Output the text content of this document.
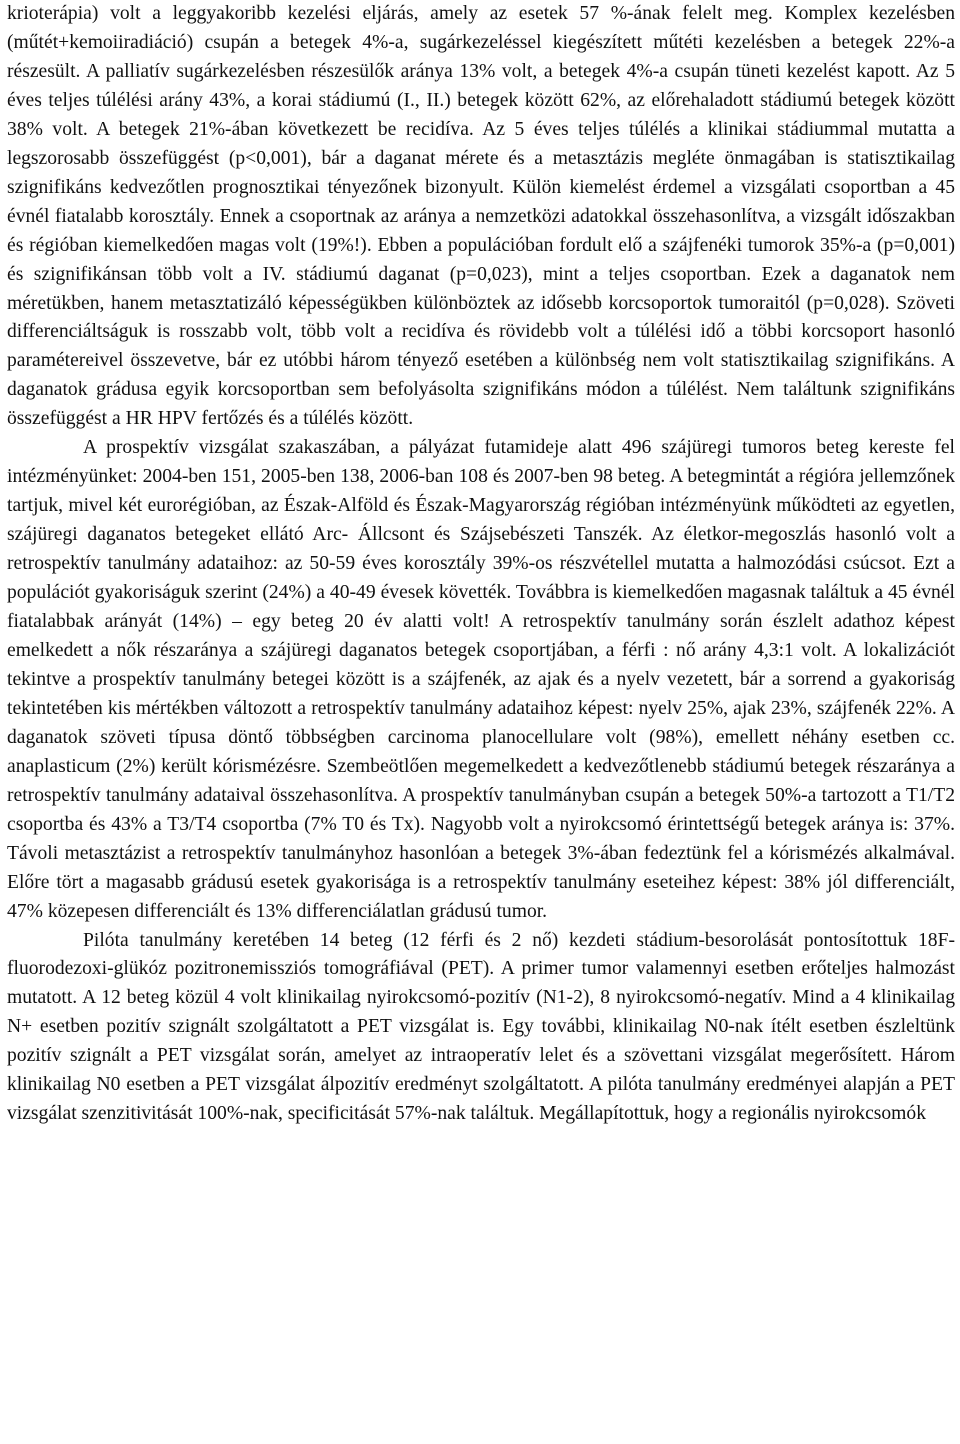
krioterápia) volt a leggyakoribb kezelési eljárás, amely az esetek 57 %-ának felelt meg. Komplex kezelésben (műtét+kemoiiradiáció) csupán a betegek 4%-a, sugárkezeléssel kiegészített műtéti kezelésben a betegek 22%-a részesült. A palliatív sugárkezelésben részesülők aránya 13% volt, a betegek 4%-a csupán tüneti kezelést kapott. Az 5 éves teljes túlélési arány 43%, a korai stádiumú (I., II.) betegek között 62%, az előrehaladott stádiumú betegek között 38% volt. A betegek 21%-ában következett be recidíva. Az 5 éves teljes túlélés a klinikai stádiummal mutatta a legszorosabb összefüggést (p<0,001), bár a daganat mérete és a metasztázis megléte önmagában is statisztikailag szignifikáns kedvezőtlen prognosztikai tényezőnek bizonyult. Külön kiemelést érdemel a vizsgálati csoportban a 45 évnél fiatalabb korosztály. Ennek a csoportnak az aránya a nemzetközi adatokkal összehasonlítva, a vizsgált időszakban és régióban kiemelkedően magas volt (19%!). Ebben a populációban fordult elő a szájfenéki tumorok 35%-a (p=0,001) és szignifikánsan több volt a IV. stádiumú daganat (p=0,023), mint a teljes csoportban. Ezek a daganatok nem méretükben, hanem metasztatizáló képességükben különböztek az idősebb korcsoportok tumoraitól (p=0,028). Szöveti differenciáltságuk is rosszabb volt, több volt a recidíva és rövidebb volt a túlélési idő a többi korcsoport hasonló paramétereivel összevetve, bár ez utóbbi három tényező esetében a különbség nem volt statisztikailag szignifikáns. A daganatok grádusa egyik korcsoportban sem befolyásolta szignifikáns módon a túlélést. Nem találtunk szignifikáns összefüggést a HR HPV fertőzés és a túlélés között.

A prospektív vizsgálat szakaszában, a pályázat futamideje alatt 496 szájüregi tumoros beteg kereste fel intézményünket: 2004-ben 151, 2005-ben 138, 2006-ban 108 és 2007-ben 98 beteg. A betegmintát a régióra jellemzőnek tartjuk, mivel két eurorégióban, az Észak-Alföld és Észak-Magyarország régióban intézményünk működteti az egyetlen, szájüregi daganatos betegeket ellátó Arc- Állcsont és Szájsebészeti Tanszék. Az életkor-megoszlás hasonló volt a retrospektív tanulmány adataihoz: az 50-59 éves korosztály 39%-os részvétellel mutatta a halmozódási csúcsot. Ezt a populációt gyakoriságuk szerint (24%) a 40-49 évesek követték. Továbbra is kiemelkedően magasnak találtuk a 45 évnél fiatalabbak arányát (14%) – egy beteg 20 év alatti volt! A retrospektív tanulmány során észlelt adathoz képest emelkedett a nők részaránya a szájüregi daganatos betegek csoportjában, a férfi : nő arány 4,3:1 volt. A lokalizációt tekintve a prospektív tanulmány betegei között is a szájfenék, az ajak és a nyelv vezetett, bár a sorrend a gyakoriság tekintetében kis mértékben változott a retrospektív tanulmány adataihoz képest: nyelv 25%, ajak 23%, szájfenék 22%. A daganatok szöveti típusa döntő többségben carcinoma planocellulare volt (98%), emellett néhány esetben cc. anaplasticum (2%) került kórismézésre. Szembeötlően megemelkedett a kedvezőtlenebb stádiumú betegek részaránya a retrospektív tanulmány adataival összehasonlítva. A prospektív tanulmányban csupán a betegek 50%-a tartozott a T1/T2 csoportba és 43% a T3/T4 csoportba (7% T0 és Tx). Nagyobb volt a nyirokcsomó érintettségű betegek aránya is: 37%. Távoli metasztázist a retrospektív tanulmányhoz hasonlóan a betegek 3%-ában fedeztünk fel a kórismézés alkalmával. Előre tört a magasabb grádusú esetek gyakorisága is a retrospektív tanulmány eseteihez képest: 38% jól differenciált, 47% közepesen differenciált és 13% differenciálatlan grádusú tumor.

Pilóta tanulmány keretében 14 beteg (12 férfi és 2 nő) kezdeti stádium-besorolását pontosítottuk 18F-fluorodezoxi-glükóz pozitronemissziós tomográfiával (PET). A primer tumor valamennyi esetben erőteljes halmozást mutatott. A 12 beteg közül 4 volt klinikailag nyirokcsomó-pozitív (N1-2), 8 nyirokcsomó-negatív. Mind a 4 klinikailag N+ esetben pozitív szignált szolgáltatott a PET vizsgálat is. Egy további, klinikailag N0-nak ítélt esetben észleltünk pozitív szignált a PET vizsgálat során, amelyet az intraoperatív lelet és a szövettani vizsgálat megerősített. Három klinikailag N0 esetben a PET vizsgálat álpozitív eredményt szolgáltatott. A pilóta tanulmány eredményei alapján a PET vizsgálat szenzitivitását 100%-nak, specificitását 57%-nak találtuk. Megállapítottuk, hogy a regionális nyirokcsomók
